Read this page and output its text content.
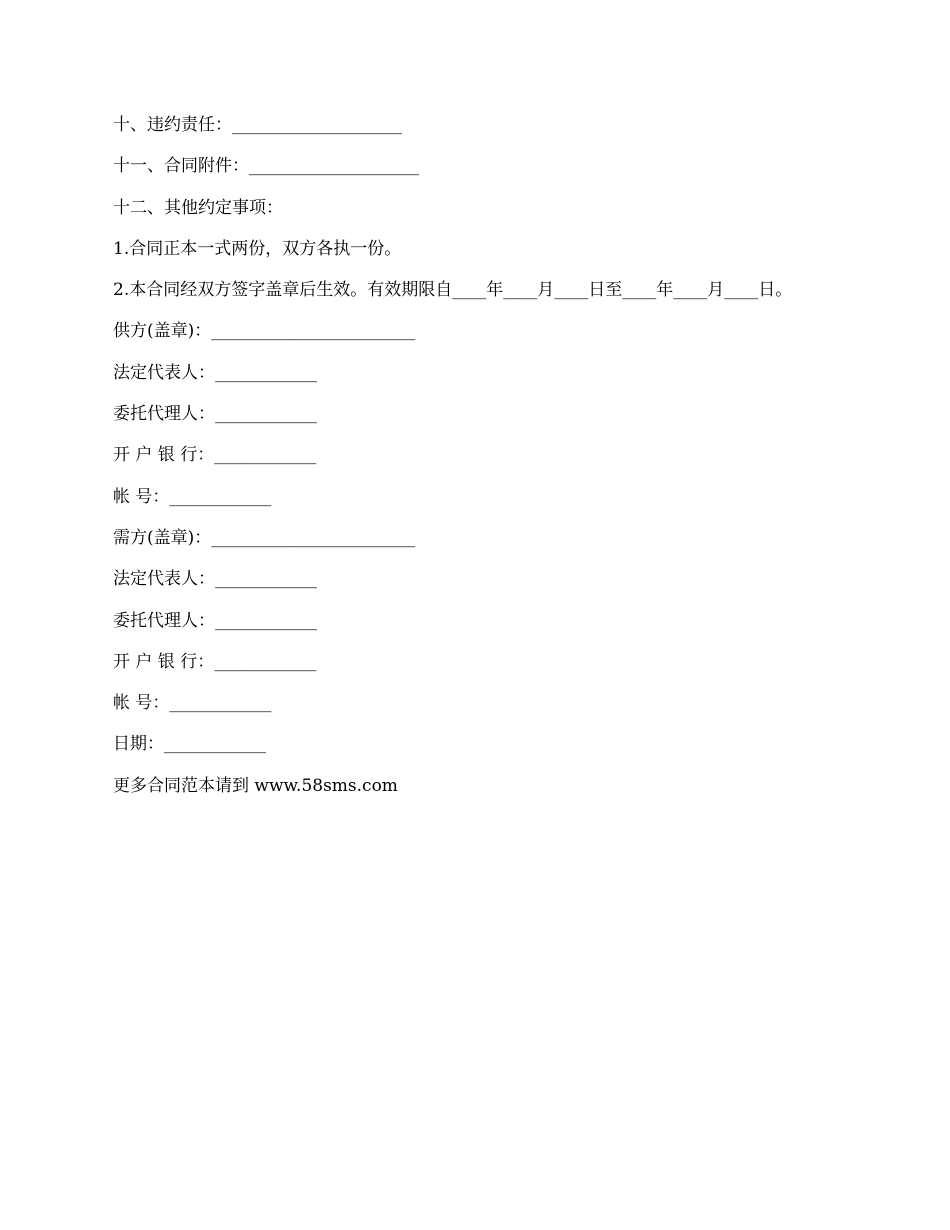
十、违约责任：____________________
十一、合同附件：____________________
十二、其他约定事项：
1.合同正本一式两份，双方各执一份。
2.本合同经双方签字盖章后生效。有效期限自____年____月____日至____年____月____日。
供方(盖章)：________________________
法定代表人：____________
委托代理人：____________
开 户 银 行：____________
帐 号：____________
需方(盖章)：________________________
法定代表人：____________
委托代理人：____________
开 户 银 行：____________
帐 号：____________
日期：____________
更多合同范本请到 www.58sms.com
